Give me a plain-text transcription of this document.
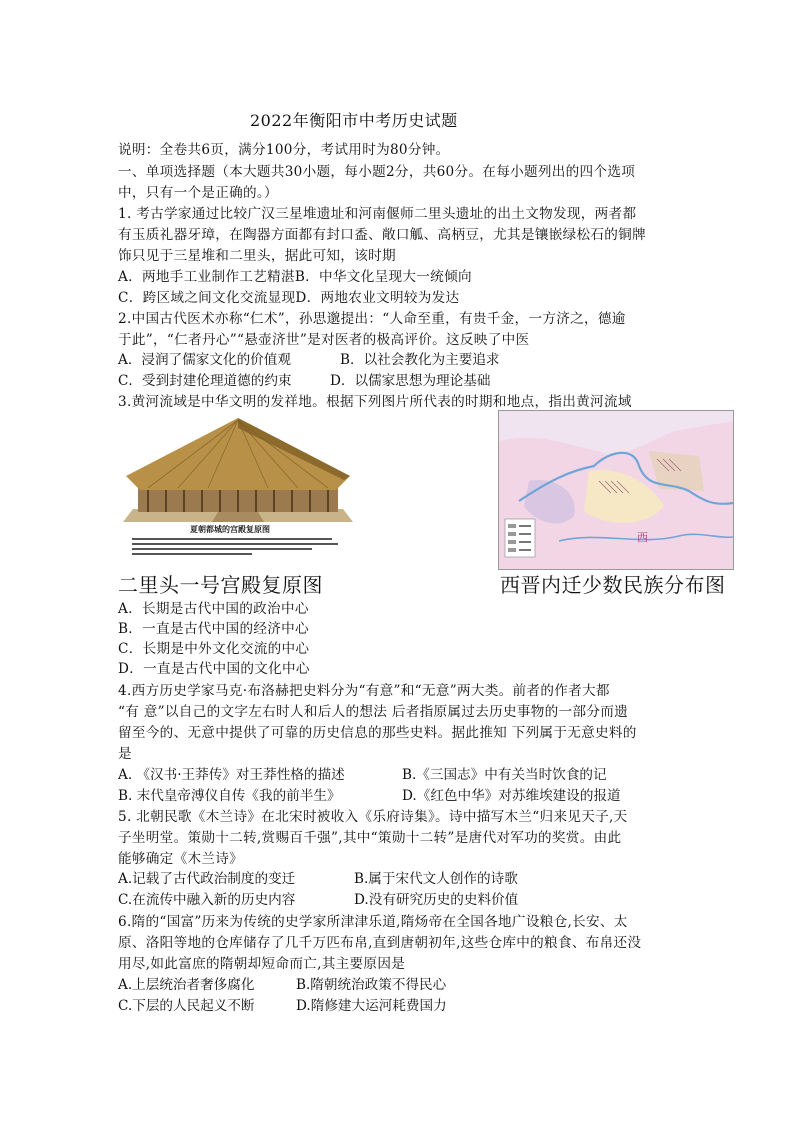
2022年衡阳市中考历史试题
说明：全卷共6页，满分100分，考试用时为80分钟。
一、单项选择题（本大题共30小题，每小题2分，共60分。在每小题列出的四个选项
中，只有一个是正确的。）
1. 考古学家通过比较广汉三星堆遗址和河南偃师二里头遗址的出土文物发现，两者都
有玉质礼器牙璋，在陶器方面都有封口盉、敞口觚、高柄豆，尤其是镶嵌绿松石的铜牌
饰只见于三星堆和二里头，据此可知，该时期
A．两地手工业制作工艺精湛B．中华文化呈现大一统倾向
C．跨区域之间文化交流显现D．两地农业文明较为发达
2.中国古代医术亦称“仁术”，孙思邈提出：“人命至重，有贵千金，一方济之，德逾
于此”，“仁者丹心”“悬壶济世”是对医者的极高评价。这反映了中医
A．浸润了儒家文化的价值观	B．以社会教化为主要追求
C．受到封建伦理道德的约束	D．以儒家思想为理论基础
3.黄河流域是中华文明的发祥地。根据下列图片所代表的时期和地点，指出黄河流域
夏朝都城的宫殿复原图
西
二里头一号宫殿复原图	西晋内迁少数民族分布图
A．长期是古代中国的政治中心
B．一直是古代中国的经济中心
C．长期是中外文化交流的中心
D．一直是古代中国的文化中心
4.西方历史学家马克·布洛赫把史料分为“有意”和“无意”两大类。前者的作者大都
“有 意”以自己的文字左右时人和后人的想法 后者指原属过去历史事物的一部分而遗
留至今的、无意中提供了可靠的历史信息的那些史料。据此推知 下列属于无意史料的
是
A. 《汉书·王莽传》对王莽性格的描述	B.《三国志》中有关当时饮食的记
B. 末代皇帝溥仪自传《我的前半生》	D.《红色中华》对苏维埃建设的报道
5. 北朝民歌《木兰诗》在北宋时被收入《乐府诗集》。诗中描写木兰“归来见天子,天
子坐明堂。策勋十二转,赏赐百千强”,其中“策勋十二转”是唐代对军功的奖赏。由此
能够确定《木兰诗》
A.记载了古代政治制度的变迁	B.属于宋代文人创作的诗歌
C.在流传中融入新的历史内容	D.没有研究历史的史料价值
6.隋的“国富”历来为传统的史学家所津津乐道,隋炀帝在全国各地广设粮仓,长安、太
原、洛阳等地的仓库储存了几千万匹布帛,直到唐朝初年,这些仓库中的粮食、布帛还没
用尽,如此富庶的隋朝却短命而亡,其主要原因是
A.上层统治者奢侈腐化	B.隋朝统治政策不得民心
C.下层的人民起义不断	D.隋修建大运河耗费国力
